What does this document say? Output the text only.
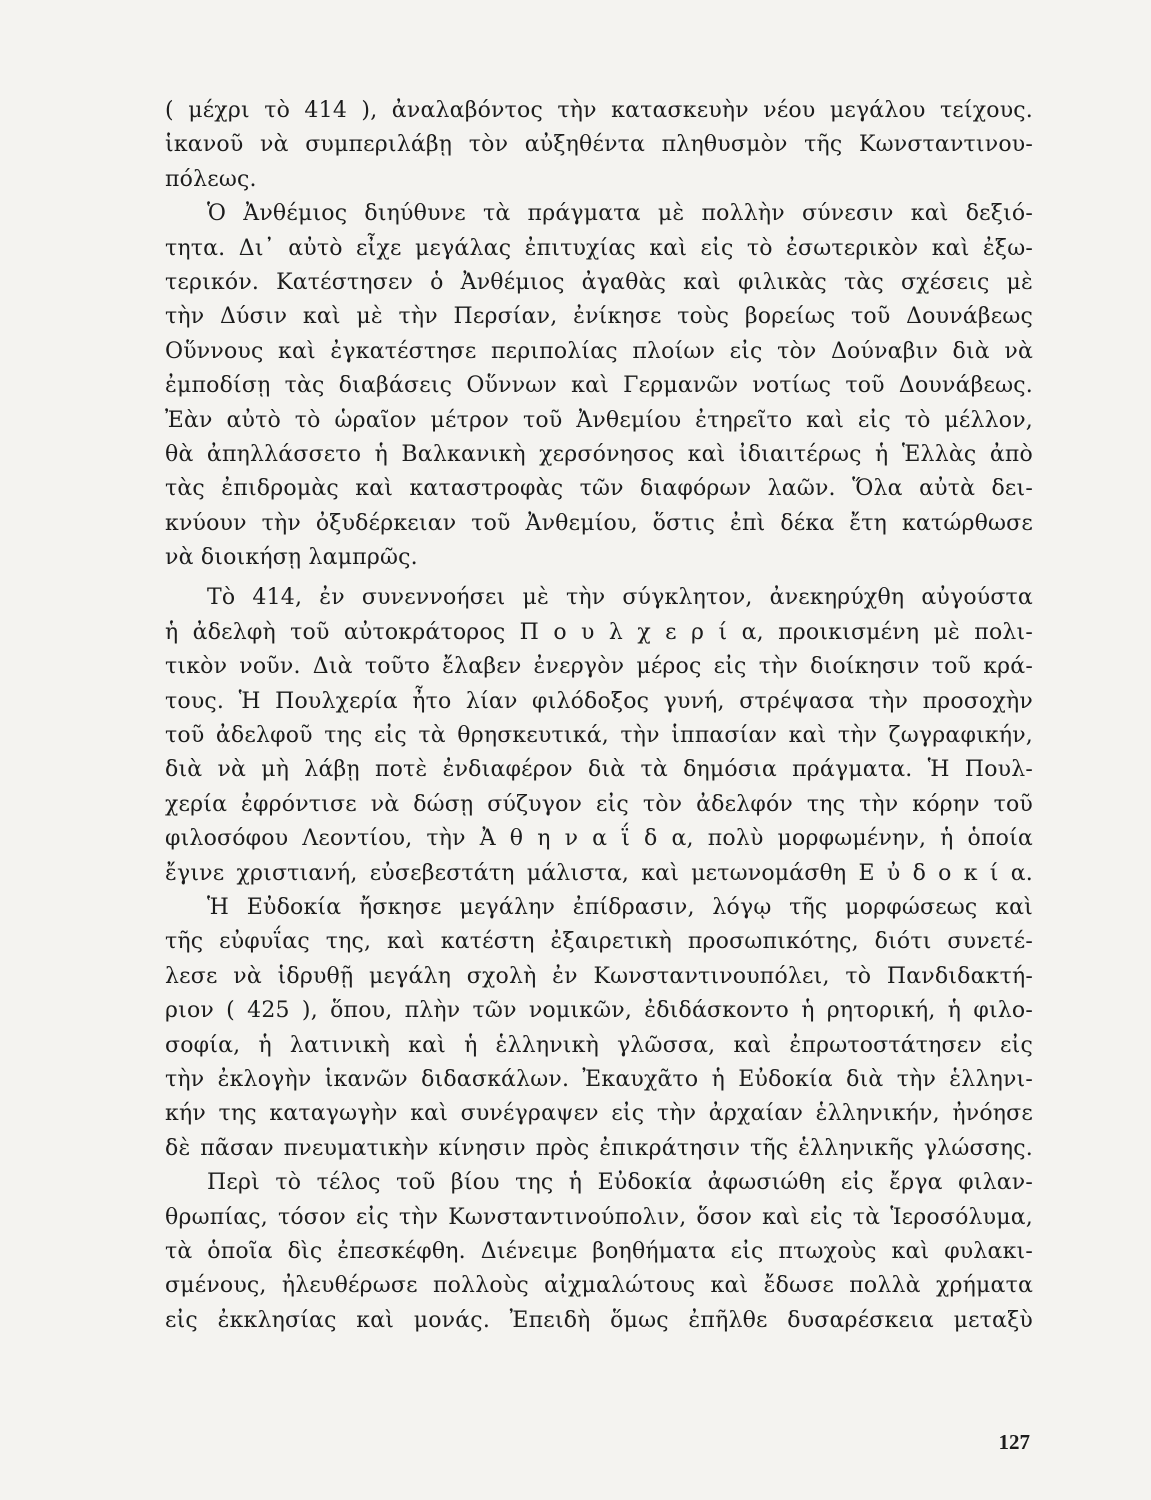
( μέχρι τὸ 414 ), ἀναλαβόντος τὴν κατασκευὴν νέου μεγάλου τείχους.
ἱκανοῦ νὰ συμπεριλάβῃ τὸν αὐξηθέντα πληθυσμὸν τῆς Κωνσταντινου-
πόλεως.
Ὁ Ἀνθέμιος διηύθυνε τὰ πράγματα μὲ πολλὴν σύνεσιν καὶ δεξιό-
τητα. Δι᾿ αὐτὸ εἶχε μεγάλας ἐπιτυχίας καὶ εἰς τὸ ἐσωτερικὸν καὶ ἐξω-
τερικόν. Κατέστησεν ὁ Ἀνθέμιος ἀγαθὰς καὶ φιλικὰς τὰς σχέσεις μὲ
τὴν Δύσιν καὶ μὲ τὴν Περσίαν, ἐνίκησε τοὺς βορείως τοῦ Δουνάβεως
Οὕννους καὶ ἐγκατέστησε περιπολίας πλοίων εἰς τὸν Δούναβιν διὰ νὰ
ἐμποδίσῃ τὰς διαβάσεις Οὕννων καὶ Γερμανῶν νοτίως τοῦ Δουνάβεως.
Ἐὰν αὐτὸ τὸ ὡραῖον μέτρον τοῦ Ἀνθεμίου ἐτηρεῖτο καὶ εἰς τὸ μέλλον,
θὰ ἀπηλλάσσετο ἡ Βαλκανικὴ χερσόνησος καὶ ἰδιαιτέρως ἡ Ἑλλὰς ἀπὸ
τὰς ἐπιδρομὰς καὶ καταστροφὰς τῶν διαφόρων λαῶν. Ὅλα αὐτὰ δει-
κνύουν τὴν ὀξυδέρκειαν τοῦ Ἀνθεμίου, ὅστις ἐπὶ δέκα ἔτη κατώρθωσε
νὰ διοικήσῃ λαμπρῶς.
Τὸ 414, ἐν συνεννοήσει μὲ τὴν σύγκλητον, ἀνεκηρύχθη αὐγούστα
ἡ ἀδελφὴ τοῦ αὐτοκράτορος Π ο υ λ χ ε ρ ί α, προικισμένη μὲ πολι-
τικὸν νοῦν. Διὰ τοῦτο ἔλαβεν ἐνεργὸν μέρος εἰς τὴν διοίκησιν τοῦ κρά-
τους. Ἡ Πουλχερία ἦτο λίαν φιλόδοξος γυνή, στρέψασα τὴν προσοχὴν
τοῦ ἀδελφοῦ της εἰς τὰ θρησκευτικά, τὴν ἱππασίαν καὶ τὴν ζωγραφικήν,
διὰ νὰ μὴ λάβῃ ποτὲ ἐνδιαφέρον διὰ τὰ δημόσια πράγματα. Ἡ Πουλ-
χερία ἐφρόντισε νὰ δώσῃ σύζυγον εἰς τὸν ἀδελφόν της τὴν κόρην τοῦ
φιλοσόφου Λεοντίου, τὴν Ἀ θ η ν α ΐ δ α, πολὺ μορφωμένην, ἡ ὁποία
ἔγινε χριστιανή, εὐσεβεστάτη μάλιστα, καὶ μετωνομάσθη Ε ὐ δ ο κ ί α.
Ἡ Εὐδοκία ἤσκησε μεγάλην ἐπίδρασιν, λόγῳ τῆς μορφώσεως καὶ
τῆς εὐφυΐας της, καὶ κατέστη ἐξαιρετικὴ προσωπικότης, διότι συνετέ-
λεσε νὰ ἱδρυθῇ μεγάλη σχολὴ ἐν Κωνσταντινουπόλει, τὸ Πανδιδακτή-
ριον ( 425 ), ὅπου, πλὴν τῶν νομικῶν, ἐδιδάσκοντο ἡ ρητορική, ἡ φιλο-
σοφία, ἡ λατινικὴ καὶ ἡ ἑλληνικὴ γλῶσσα, καὶ ἐπρωτοστάτησεν εἰς
τὴν ἐκλογὴν ἱκανῶν διδασκάλων. Ἐκαυχᾶτο ἡ Εὐδοκία διὰ τὴν ἑλληνι-
κήν της καταγωγὴν καὶ συνέγραψεν εἰς τὴν ἀρχαίαν ἑλληνικήν, ἠνόησε
δὲ πᾶσαν πνευματικὴν κίνησιν πρὸς ἐπικράτησιν τῆς ἑλληνικῆς γλώσσης.
Περὶ τὸ τέλος τοῦ βίου της ἡ Εὐδοκία ἀφωσιώθη εἰς ἔργα φιλαν-
θρωπίας, τόσον εἰς τὴν Κωνσταντινούπολιν, ὅσον καὶ εἰς τὰ Ἱεροσόλυμα,
τὰ ὁποῖα δὶς ἐπεσκέφθη. Διένειμε βοηθήματα εἰς πτωχοὺς καὶ φυλακι-
σμένους, ἠλευθέρωσε πολλοὺς αἰχμαλώτους καὶ ἔδωσε πολλὰ χρήματα
εἰς ἐκκλησίας καὶ μονάς. Ἐπειδὴ ὅμως ἐπῆλθε δυσαρέσκεια μεταξὺ
127
